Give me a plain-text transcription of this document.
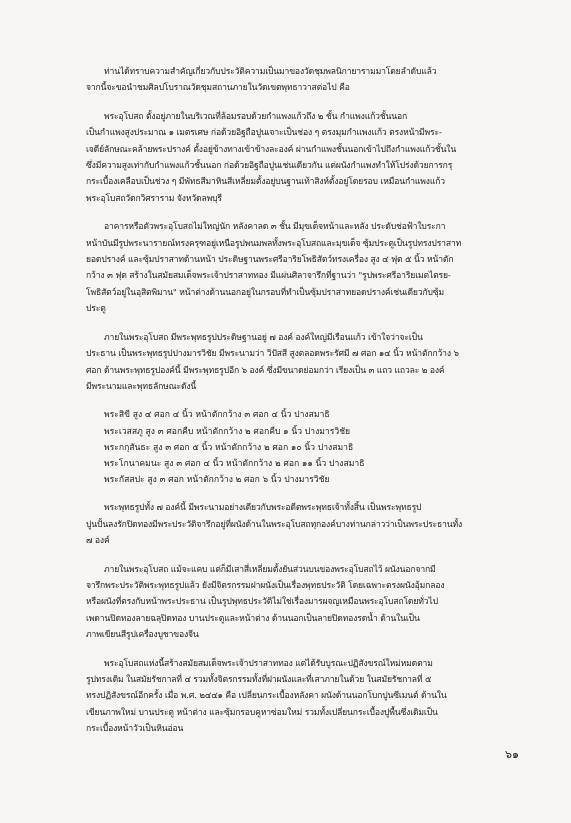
ท่านได้ทราบความสำคัญเกี่ยวกับประวัติความเป็นมาของวัดชุมพลนิกายารามมาโดยลำดับแล้ว
จากนี้จะขอนำชมศิลปโบราณวัดชุมสถานภายในวัดเขตพุทธาวาสต่อไป คือ
พระอุโบสถ ตั้งอยู่ภายในบริเวณที่ล้อมรอบด้วยกำแพงแก้วถึง ๒ ชั้น กำแพงแก้วชั้นนอก
เป็นกำแพงสูงประมาณ ๑ เมตรเศษ ก่อด้วยอิฐถือปูนเจาะเป็นช่อง ๆ ตรงมุมกำแพงแก้ว ตรงหน้ามีพระ-
เจดีย์ลักษณะคล้ายพระปรางค์ ตั้งอยู่ข้างทางเข้าข้างละองค์ ผ่านกำแพงชั้นนอกเข้าไปถึงกำแพงแก้วชั้นใน
ซึ่งมีความสูงเท่ากับกำแพงแก้วชั้นนอก ก่อด้วยอิฐถือปูนเช่นเดียวกัน แต่ผนังกำแพงทำให้โปร่งด้วยการกรุ
กระเบื้องเคลือบเป็นช่วง ๆ มีพัทธสีมาหินสีเหลี่ยมตั้งอยู่บนฐานเท้าสิงห์ตั้งอยู่โดยรอบ เหมือนกำแพงแก้ว
พระอุโบสถวัดกวิศราราม จังหวัดลพบุรี
อาคารหรือตัวพระอุโบสถไม่ใหญ่นัก หลังคาลด ๓ ชั้น มีมุขเด็จหน้าและหลัง ประดับช่อฟ้าใบระกา
หน้าบันมีรูปพระนารายณ์ทรงครุฑอยู่เหนือรูปพนมพลทั้งพระอุโบสถและมุขเด็จ ซุ้มประตูเป็นรูปทรงปราสาท
ยอดปรางค์ และซุ้มปราสาทด้านหน้า ประดิษฐานพระศรีอาริยโพธิสัตว์ทรงเครื่อง สูง ๔ ฟุต ๕ นิ้ว หน้าตัก
กว้าง ๓ ฟุต สร้างในสมัยสมเด็จพระเจ้าปราสาททอง มีแผ่นศิลาจารึกที่ฐานว่า "รูปพระศรีอาริยเมตไตรย-
โพธิสัตว์อยู่ในอุสิตพิมาน" หน้าต่างด้านนอกอยู่ในกรอบที่ทำเป็นซุ้มปราสาทยอดปรางค์เช่นเดียวกับซุ้ม
ประตู
ภายในพระอุโบสถ มีพระพุทธรูปประดิษฐานอยู่ ๗ องค์ องค์ใหญ่มีเรือนแก้ว เข้าใจว่าจะเป็น
ประธาน เป็นพระพุทธรูปปางมารวิชัย มีพระนามว่า วิปัสสี สูงตลอดพระรัศมี ๗ ศอก ๑๔ นิ้ว หน้าตักกว้าง ๖
ศอก ด้านพระพุทธรูปองค์นี้ มีพระพุทธรูปอีก ๖ องค์ ซึ่งมีขนาดย่อมกว่า เรียงเป็น ๓ แถว แถวละ ๒ องค์
มีพระนามและพุทธลักษณะดังนี้
พระสิขี สูง ๔ ศอก ๔ นิ้ว หน้าตักกว้าง ๓ ศอก ๔ นิ้ว ปางสมาธิ
พระเวสสภู สูง ๓ ศอกคืบ หน้าตักกว้าง ๒ ศอกคืบ ๑ นิ้ว ปางมารวิชัย
พระกกุสันธะ สูง ๓ ศอก ๕ นิ้ว หน้าตักกว้าง ๒ ศอก ๑๐ นิ้ว ปางสมาธิ
พระโกนาคมนะ สูง ๓ ศอก ๔ นิ้ว หน้าตักกว้าง ๒ ศอก ๑๑ นิ้ว ปางสมาธิ
พระกัสสปะ สูง ๓ ศอก หน้าตักกว้าง ๒ ศอก ๖ นิ้ว ปางมารวิชัย
พระพุทธรูปทั้ง ๗ องค์นี้ มีพระนามอย่างเดียวกับพระอดีตพระพุทธเจ้าทั้งสิ้น เป็นพระพุทธรูป
ปูนปั้นลงรักปิดทองมีพระประวัติจารึกอยู่ที่ผนังด้านในพระอุโบสถทุกองค์บางท่านกล่าวว่าเป็นพระประธานทั้ง
๗ องค์
ภายในพระอุโบสถ แม้จะแคบ แต่ก็มีเสาสี่เหลี่ยมตั้งยันส่วนบนของพระอุโบสถไว้ ผนังนอกจากมี
จารึกพระประวัติพระพุทธรูปแล้ว ยังมีจิตรกรรมฝาผนังเป็นเรื่องพุทธประวัติ โดยเฉพาะตรงผนังอุ้มกลอง
หรือผนังที่ตรงกับหน้าพระประธาน เป็นรูปพุทธประวัติไม่ใช่เรื่องมารผจญเหมือนพระอุโบสถโดยทั่วไป
เพดานปิดทองลายฉลุปิดทอง บานประตูและหน้าต่าง ด้านนอกเป็นลายปิดทองรดน้ำ ด้านในเป็น
ภาพเขียนสีรูปเครื่องบูชาของจีน
พระอุโบสถแห่งนี้สร้างสมัยสมเด็จพระเจ้าปราสาททอง แต่ได้รับบูรณะปฏิสังขรณ์ใหม่หมดตาม
รูปทรงเดิม ในสมัยรัชกาลที่ ๔ รวมทั้งจิตรกรรมทั้งที่ฝาผนังและที่เสาภายในด้วย ในสมัยรัชกาลที่ ๕
ทรงปฏิสังขรณ์อีกครั้ง เมื่อ พ.ศ. ๒๔๔๑ คือ เปลี่ยนกระเบื้องหลังคา ผนังด้านนอกโบกปูนซีเมนต์ ด้านใน
เขียนภาพใหม่ บานประตู หน้าต่าง และซุ้มกรอบคูหาซ่อมใหม่ รวมทั้งเปลี่ยนกระเบื้องปูพื้นซึ่งเดิมเป็น
กระเบื้องหน้าวัวเป็นหินอ่อน
๖๑
